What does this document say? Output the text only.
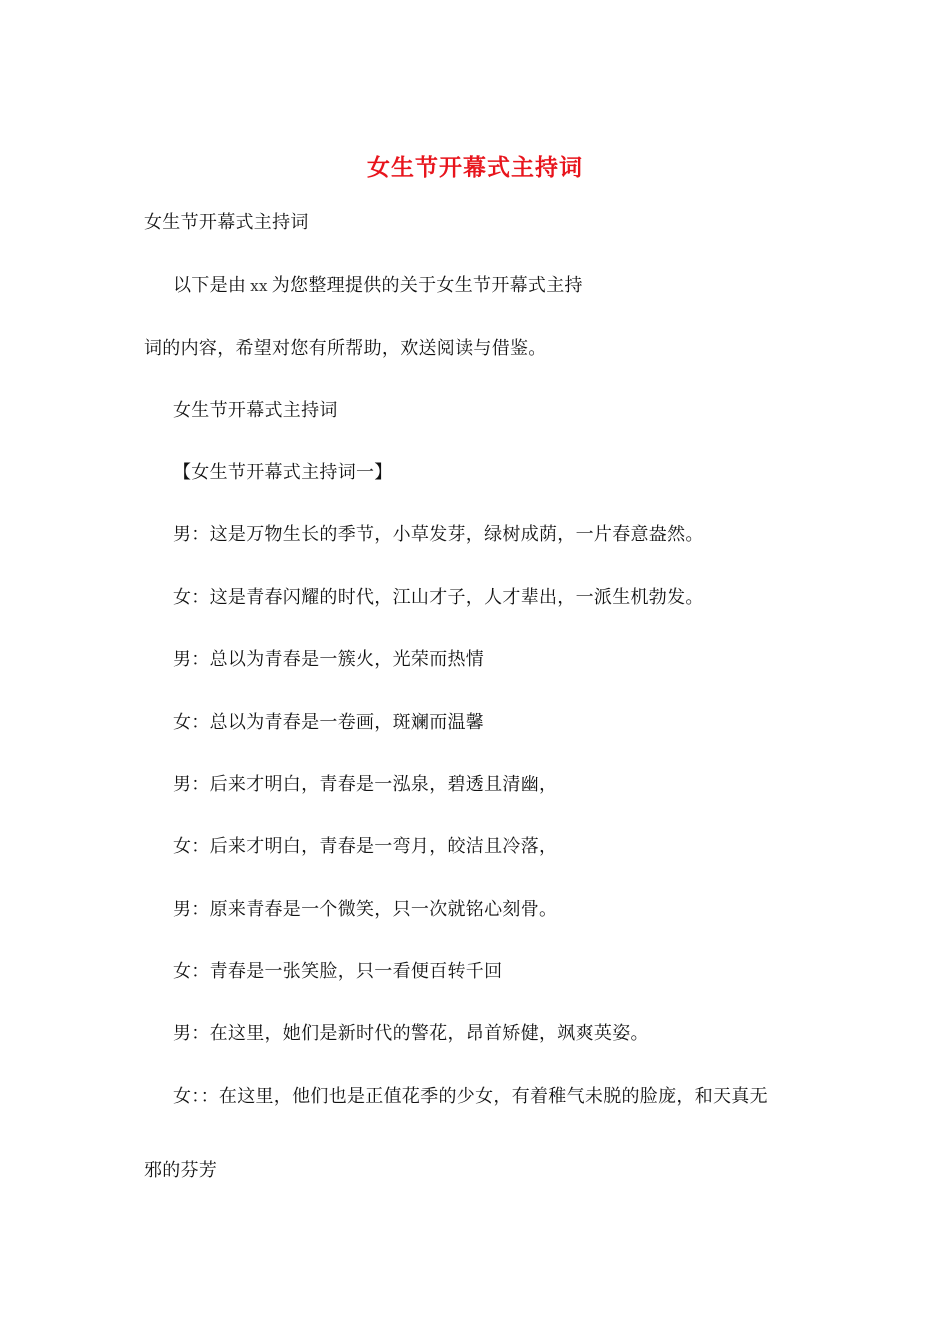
女生节开幕式主持词
女生节开幕式主持词
以下是由 xx 为您整理提供的关于女生节开幕式主持
词的内容，希望对您有所帮助，欢送阅读与借鉴。
女生节开幕式主持词
【女生节开幕式主持词一】
男：这是万物生长的季节，小草发芽，绿树成荫，一片春意盎然。
女：这是青春闪耀的时代，江山才子，人才辈出，一派生机勃发。
男：总以为青春是一簇火，光荣而热情
女：总以为青春是一卷画，斑斓而温馨
男：后来才明白，青春是一泓泉，碧透且清幽，
女：后来才明白，青春是一弯月，皎洁且冷落，
男：原来青春是一个微笑，只一次就铭心刻骨。
女：青春是一张笑脸，只一看便百转千回
男：在这里，她们是新时代的警花，昂首矫健，飒爽英姿。
女：：在这里，他们也是正值花季的少女，有着稚气未脱的脸庞，和天真无
邪的芬芳
